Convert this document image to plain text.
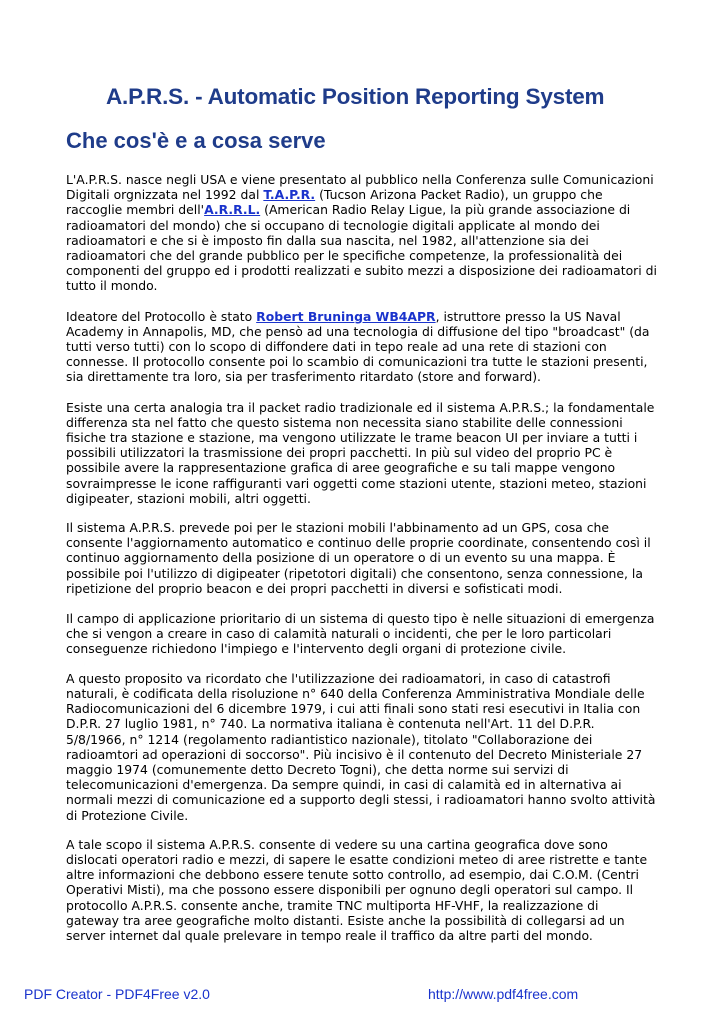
A.P.R.S. - Automatic Position Reporting System
Che cos'è e a cosa serve
L'A.P.R.S. nasce negli USA e viene presentato al pubblico nella Conferenza sulle Comunicazioni
Digitali orgnizzata nel 1992 dal T.A.P.R. (Tucson Arizona Packet Radio), un gruppo che
raccoglie membri dell'A.R.R.L. (American Radio Relay Ligue, la più grande associazione di
radioamatori del mondo) che si occupano di tecnologie digitali applicate al mondo dei
radioamatori e che si è imposto fin dalla sua nascita, nel 1982, all'attenzione sia dei
radioamatori che del grande pubblico per le specifiche competenze, la professionalità dei
componenti del gruppo ed i prodotti realizzati e subito mezzi a disposizione dei radioamatori di
tutto il mondo.
Ideatore del Protocollo è stato Robert Bruninga WB4APR, istruttore presso la US Naval
Academy in Annapolis, MD, che pensò ad una tecnologia di diffusione del tipo "broadcast" (da
tutti verso tutti) con lo scopo di diffondere dati in tepo reale ad una rete di stazioni con
connesse. Il protocollo consente poi lo scambio di comunicazioni tra tutte le stazioni presenti,
sia direttamente tra loro, sia per trasferimento ritardato (store and forward).
Esiste una certa analogia tra il packet radio tradizionale ed il sistema A.P.R.S.; la fondamentale
differenza sta nel fatto che questo sistema non necessita siano stabilite delle connessioni
fisiche tra stazione e stazione, ma vengono utilizzate le trame beacon UI per inviare a tutti i
possibili utilizzatori la trasmissione dei propri pacchetti. In più sul video del proprio PC è
possibile avere la rappresentazione grafica di aree geografiche e su tali mappe vengono
sovraimpresse le icone raffiguranti vari oggetti come stazioni utente, stazioni meteo, stazioni
digipeater, stazioni mobili, altri oggetti.
Il sistema A.P.R.S. prevede poi per le stazioni mobili l'abbinamento ad un GPS, cosa che
consente l'aggiornamento automatico e continuo delle proprie coordinate, consentendo così il
continuo aggiornamento della posizione di un operatore o di un evento su una mappa. È
possibile poi l'utilizzo di digipeater (ripetotori digitali) che consentono, senza connessione, la
ripetizione del proprio beacon e dei propri pacchetti in diversi e sofisticati modi.
Il campo di applicazione prioritario di un sistema di questo tipo è nelle situazioni di emergenza
che si vengon a creare in caso di calamità naturali o incidenti, che per le loro particolari
conseguenze richiedono l'impiego e l'intervento degli organi di protezione civile.
A questo proposito va ricordato che l'utilizzazione dei radioamatori, in caso di catastrofi
naturali, è codificata della risoluzione n° 640 della Conferenza Amministrativa Mondiale delle
Radiocomunicazioni del 6 dicembre 1979, i cui atti finali sono stati resi esecutivi in Italia con
D.P.R. 27 luglio 1981, n° 740. La normativa italiana è contenuta nell'Art. 11 del D.P.R.
5/8/1966, n° 1214 (regolamento radiantistico nazionale), titolato "Collaborazione dei
radioamtori ad operazioni di soccorso". Più incisivo è il contenuto del Decreto Ministeriale 27
maggio 1974 (comunemente detto Decreto Togni), che detta norme sui servizi di
telecomunicazioni d'emergenza. Da sempre quindi, in casi di calamità ed in alternativa ai
normali mezzi di comunicazione ed a supporto degli stessi, i radioamatori hanno svolto attività
di Protezione Civile.
A tale scopo il sistema A.P.R.S. consente di vedere su una cartina geografica dove sono
dislocati operatori radio e mezzi, di sapere le esatte condizioni meteo di aree ristrette e tante
altre informazioni che debbono essere tenute sotto controllo, ad esempio, dai C.O.M. (Centri
Operativi Misti), ma che possono essere disponibili per ognuno degli operatori sul campo. Il
protocollo A.P.R.S. consente anche, tramite TNC multiporta HF-VHF, la realizzazione di
gateway tra aree geografiche molto distanti. Esiste anche la possibilità di collegarsi ad un
server internet dal quale prelevare in tempo reale il traffico da altre parti del mondo.
PDF Creator - PDF4Free v2.0	http://www.pdf4free.com
